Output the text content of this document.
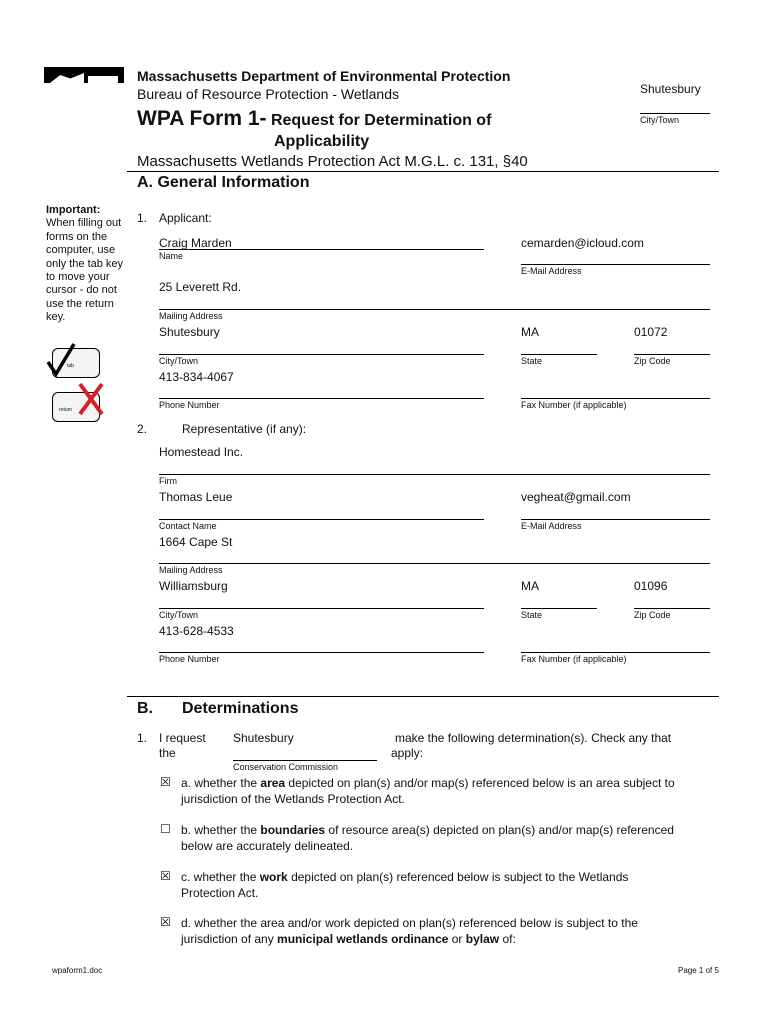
Massachusetts Department of Environmental Protection
Bureau of Resource Protection - Wetlands
WPA Form 1- Request for Determination of
Applicability
Massachusetts Wetlands Protection Act M.G.L. c. 131, §40
Shutesbury
City/Town
A. General Information
Important:
When filling out forms on the computer, use only the tab key to move your cursor - do not use the return key.
tab
return
1. Applicant:
Craig Marden
Name
cemarden@icloud.com
E-Mail Address
25 Leverett Rd.
Mailing Address
Shutesbury
City/Town
MA
State
01072
Zip Code
413-834-4067
Phone Number	Fax Number (if applicable)
2.	Representative (if any):
Homestead Inc.
Firm
Thomas Leue
Contact Name
vegheat@gmail.com
E-Mail Address
1664 Cape St
Mailing Address
Williamsburg
City/Town
MA
State
01096
Zip Code
413-628-4533
Phone Number	Fax Number (if applicable)
B. Determinations
1. I request
the
Shutesbury
Conservation Commission
make the following determination(s). Check any that
apply:
☒ a. whether the area depicted on plan(s) and/or map(s) referenced below is an area subject to
jurisdiction of the Wetlands Protection Act.
☐ b. whether the boundaries of resource area(s) depicted on plan(s) and/or map(s) referenced
below are accurately delineated.
☒ c. whether the work depicted on plan(s) referenced below is subject to the Wetlands
Protection Act.
☒ d. whether the area and/or work depicted on plan(s) referenced below is subject to the
jurisdiction of any municipal wetlands ordinance or bylaw of:
wpaform1.doc	Page 1 of 5
